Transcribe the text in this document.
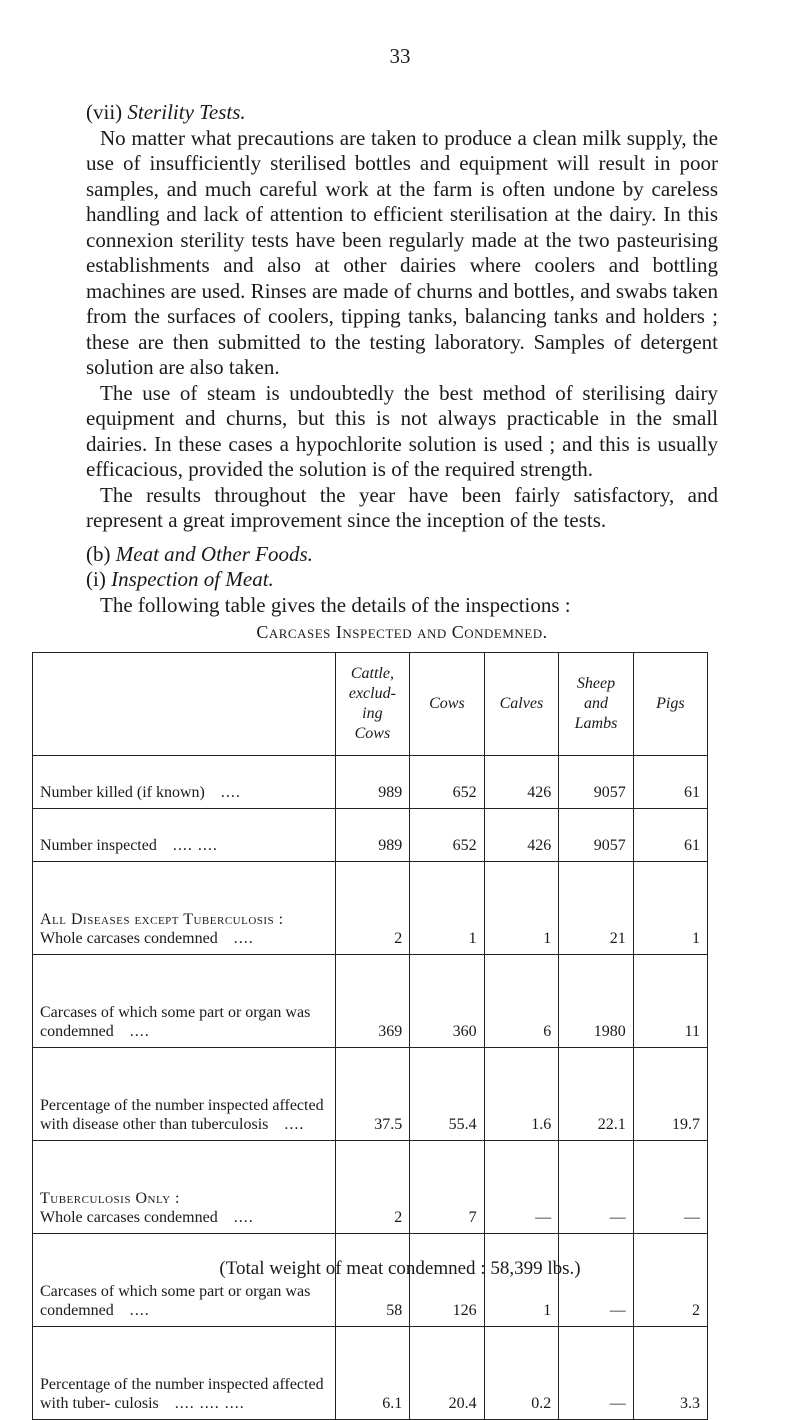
33

(vii) Sterility Tests.

No matter what precautions are taken to produce a clean milk supply, the use of insufficiently sterilised bottles and equipment will result in poor samples, and much careful work at the farm is often undone by careless handling and lack of attention to efficient sterilisation at the dairy. In this connexion sterility tests have been regularly made at the two pasteurising establishments and also at other dairies where coolers and bottling machines are used. Rinses are made of churns and bottles, and swabs taken from the surfaces of coolers, tipping tanks, balancing tanks and holders ; these are then submitted to the testing laboratory. Samples of detergent solution are also taken.

The use of steam is undoubtedly the best method of sterilising dairy equipment and churns, but this is not always practicable in the small dairies. In these cases a hypochlorite solution is used ; and this is usually efficacious, provided the solution is of the required strength.

The results throughout the year have been fairly satisfactory, and represent a great improvement since the inception of the tests.

(b) Meat and Other Foods.

(i) Inspection of Meat.

The following table gives the details of the inspections :

Carcases Inspected and Condemned.
	Cattle, exclud- ing Cows	Cows	Calves	Sheep and Lambs	Pigs
Number killed (if known)  ....	989	652	426	9057	61
Number inspected  .... ....	989	652	426	9057	61

All Diseases except Tuberculosis :
Whole carcases condemned  ....	2	1	1	21	1
Carcases of which some part or organ was condemned  ....	369	360	6	1980	11
Percentage of the number inspected affected with disease other than tuberculosis  ....	37.5	55.4	1.6	22.1	19.7

Tuberculosis Only :
Whole carcases condemned  ....	2	7	—	—	—
Carcases of which some part or organ was condemned  ....	58	126	1	—	2
Percentage of the number inspected affected with tuber- culosis  .... .... ....	6.1	20.4	0.2	—	3.3
(Total weight of meat condemned : 58,399 lbs.)
